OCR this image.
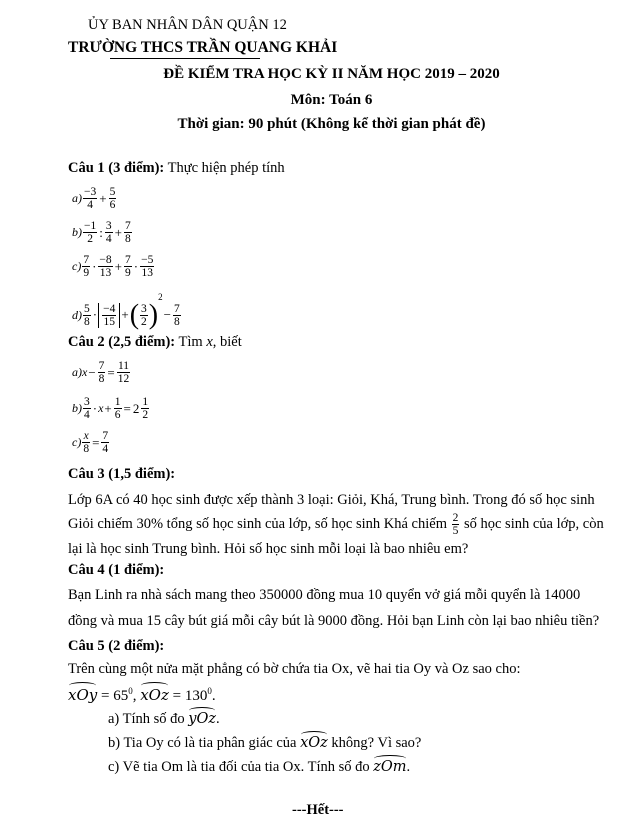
ỦY BAN NHÂN DÂN QUẬN 12
TRƯỜNG THCS TRẦN QUANG KHẢI
ĐỀ KIỂM TRA HỌC KỲ II NĂM HỌC 2019 – 2020
Môn: Toán 6
Thời gian: 90 phút (Không kể thời gian phát đề)
Câu 1 (3 điểm): Thực hiện phép tính
$a) \frac{-3}{4} + \frac{5}{6}$
$b) \frac{-1}{2}$ : $\frac{3}{4} + \frac{7}{8}$
$c) \frac{7}{9} \cdot \frac{-8}{13} + \frac{7}{9} \cdot \frac{-5}{13}$
$d) \frac{5}{8} \cdot \frac{-4}{15}$ +( $\frac{3}{2} )^2- \frac{7}{8}$
Câu 2 (2,5 điểm): Tìm x, biết
$a)x- \frac{7}{8} = \frac{11}{12}$
$b) \frac{3}{4} \cdot x+ \frac{1}{6} = 2 \frac{1}{2}$
$c) \frac{x}{8} = \frac{7}{4}$
Câu 3 (1,5 điểm):
Lớp 6A có 40 học sinh được xếp thành 3 loại: Giỏi, Khá, Trung bình. Trong đó số học sinh
Giỏi chiếm 30% tổng số học sinh của lớp, số học sinh Khá chiếm $\frac{2}{5}$ số học sinh của lớp, còn
lại là học sinh Trung bình. Hỏi số học sinh mỗi loại là bao nhiêu em?
Câu 4 (1 điểm):
Bạn Linh ra nhà sách mang theo 350000 đồng mua 10 quyển vở giá mỗi quyển là 14000
đồng và mua 15 cây bút giá mỗi cây bút là 9000 đồng. Hỏi bạn Linh còn lại bao nhiêu tiền?
Câu 5 (2 điểm):
Trên cùng một nửa mặt phẳng có bờ chứa tia Ox, vẽ hai tia Oy và Oz sao cho:
xOy = $65^0$, xOz = $130^0$.
a) Tính số đo yOz.
b) Tia Oy có là tia phân giác của xOz không? Vì sao?
c) Vẽ tia Om là tia đối của tia Ox. Tính số đo zOm.
---Hết---
